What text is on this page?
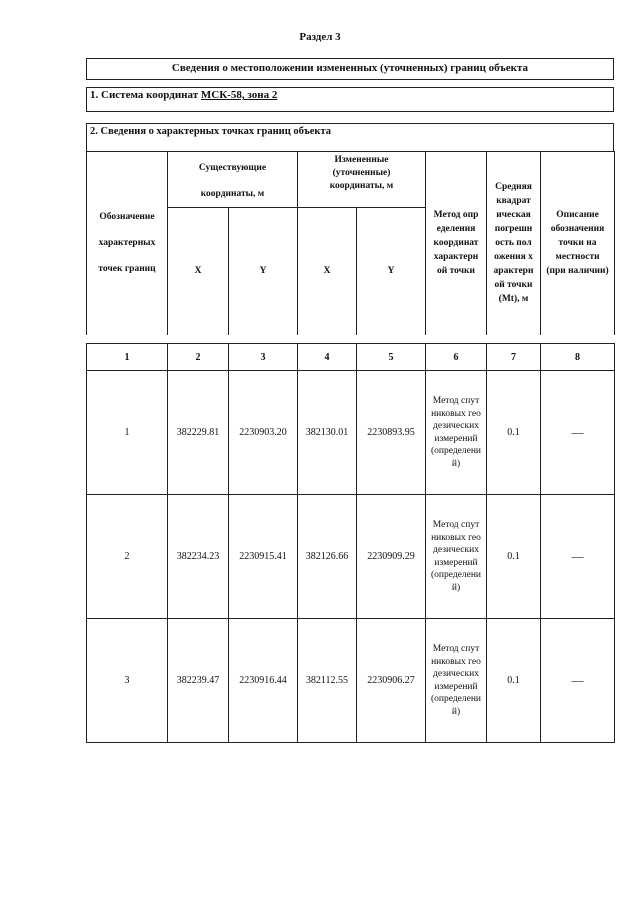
Раздел 3
Сведения о местоположении измененных (уточненных) границ объекта
1. Система координат МСК-58, зона 2
2. Сведения о характерных точках границ объекта
Обозначение характерных точек границ	Существующие координаты, м		Измененные (уточненные) координаты, м		Метод определения координат характерной точки	Средняя квадратическая погрешность положения характерной точки (Mt), м	Описание обозначения точки на местности (при наличии)

	X	Y	X	Y			
1	2	3	4	5	6	7	8
1	382229.81	2230903.20	382130.01	2230893.95	Метод спутниковых геодезических измерений (определений)	0.1	—
2	382234.23	2230915.41	382126.66	2230909.29	Метод спутниковых геодезических измерений (определений)	0.1	—
3	382239.47	2230916.44	382112.55	2230906.27	Метод спутниковых геодезических измерений (определений)	0.1	—
